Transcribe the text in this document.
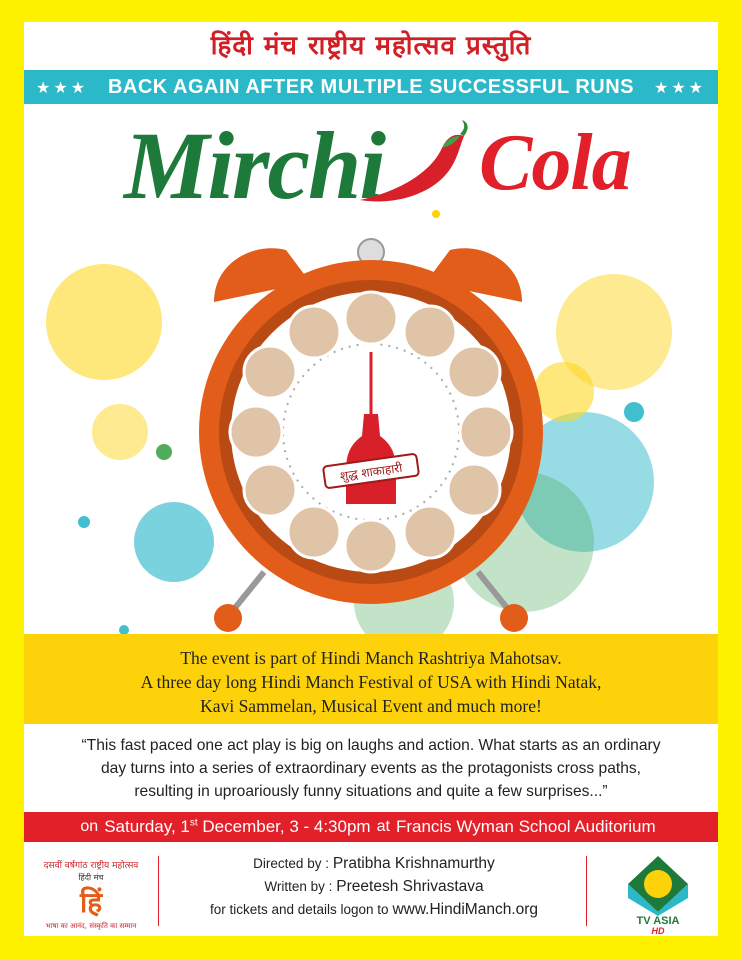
हिंदी मंच राष्ट्रीय महोत्सव प्रस्तुति
★★★ BACK AGAIN AFTER MULTIPLE SUCCESSFUL RUNS ★★★
Mirchi Cola
शुद्ध शाकाहारी

The event is part of Hindi Manch Rashtriya Mahotsav.

A three day long Hindi Manch Festival of USA with Hindi Natak,

Kavi Sammelan, Musical Event and much more!

“This fast paced one act play is big on laughs and action. What starts as an ordinary
day turns into a series of extraordinary events as the protagonists cross paths,
resulting in uproariously funny situations and quite a few surprises...”
on Saturday, 1st December, 3 - 4:30pm at Francis Wyman School Auditorium
दसवीं वर्षगांठ राष्ट्रीय महोत्सव
हिंदी मंच
हिं
भाषा का आनंद, संस्कृति का सम्मान
Directed by : Pratibha Krishnamurthy
Written by : Preetesh Shrivastava
for tickets and details logon to www.HindiManch.org
TV ASIA
HD
